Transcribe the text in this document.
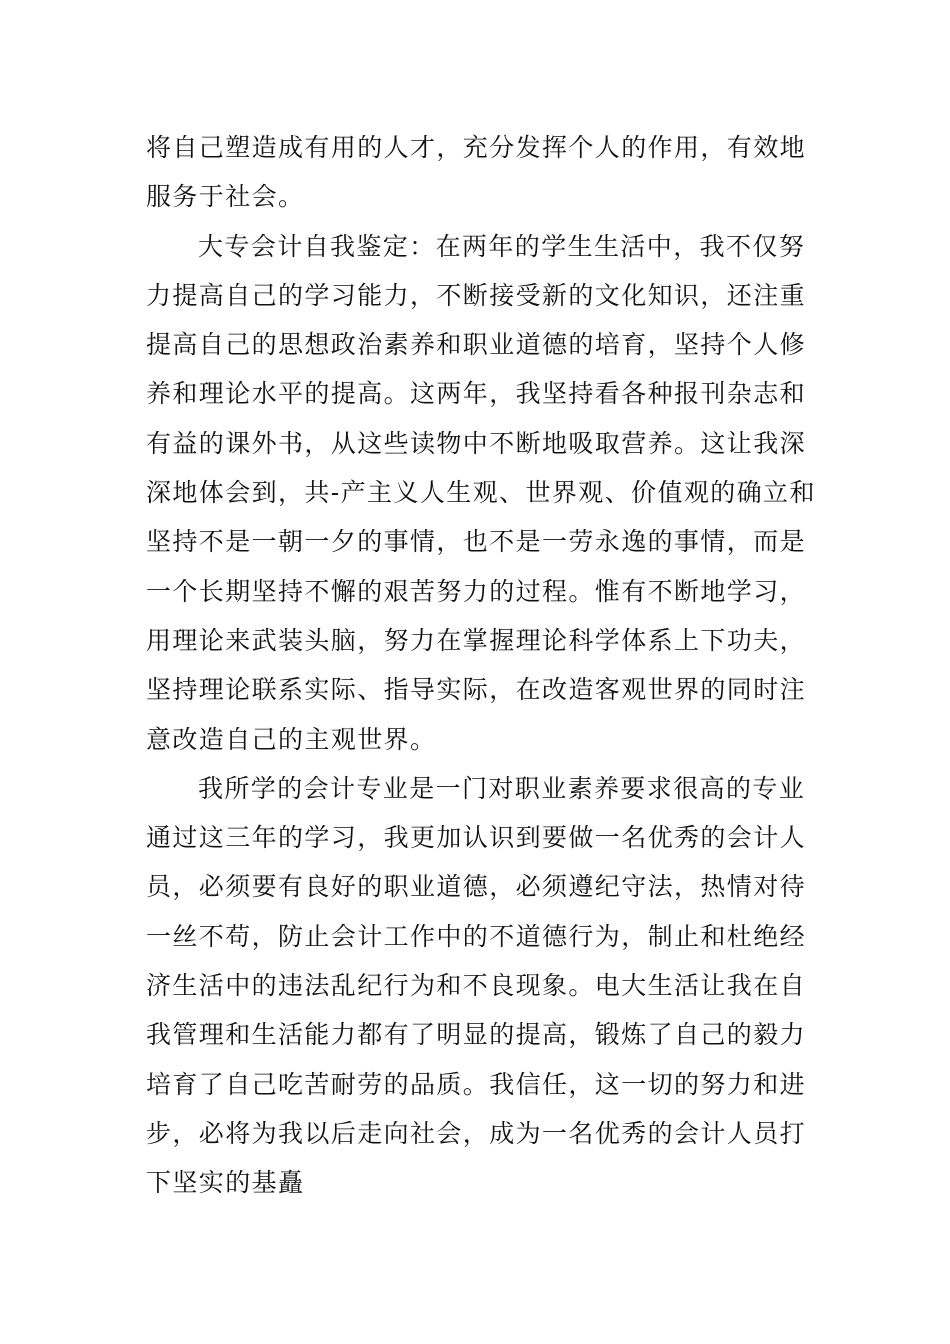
将自己塑造成有用的人才，充分发挥个人的作用，有效地
服务于社会。
大专会计自我鉴定：在两年的学生生活中，我不仅努
力提高自己的学习能力，不断接受新的文化知识，还注重
提高自己的思想政治素养和职业道德的培育，坚持个人修
养和理论水平的提高。这两年，我坚持看各种报刊杂志和
有益的课外书，从这些读物中不断地吸取营养。这让我深
深地体会到，共-产主义人生观、世界观、价值观的确立和
坚持不是一朝一夕的事情，也不是一劳永逸的事情，而是
一个长期坚持不懈的艰苦努力的过程。惟有不断地学习，
用理论来武装头脑，努力在掌握理论科学体系上下功夫，
坚持理论联系实际、指导实际，在改造客观世界的同时注
意改造自己的主观世界。
我所学的会计专业是一门对职业素养要求很高的专业
通过这三年的学习，我更加认识到要做一名优秀的会计人
员，必须要有良好的职业道德，必须遵纪守法，热情对待
一丝不苟，防止会计工作中的不道德行为，制止和杜绝经
济生活中的违法乱纪行为和不良现象。电大生活让我在自
我管理和生活能力都有了明显的提高，锻炼了自己的毅力
培育了自己吃苦耐劳的品质。我信任，这一切的努力和进
步，必将为我以后走向社会，成为一名优秀的会计人员打
下坚实的基矗
